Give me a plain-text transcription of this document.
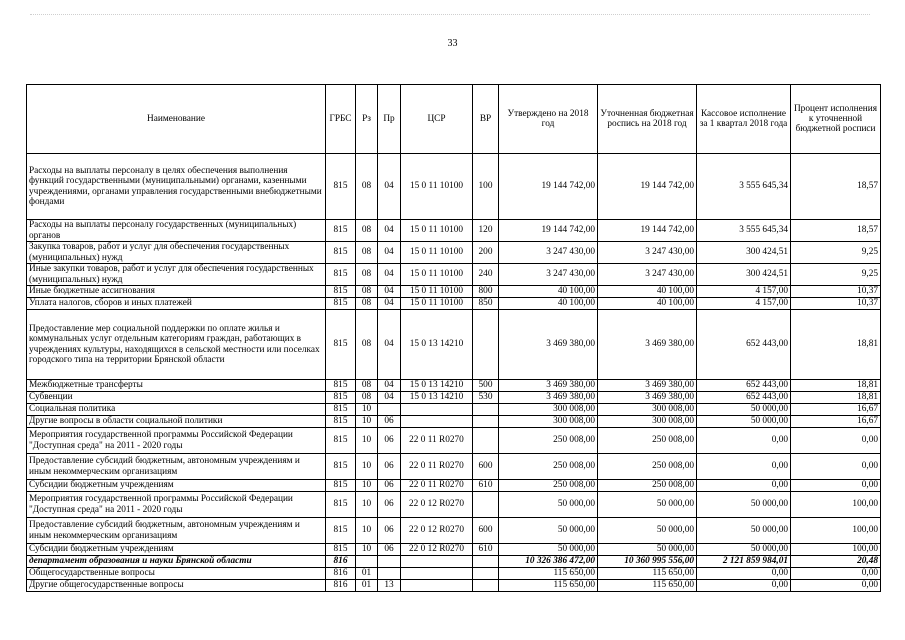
33
Наименование	ГРБС	Рз	Пр	ЦСР	ВР	Утверждено на 2018 год	Уточненная бюджетная роспись на 2018 год	Кассовое исполнение за 1 квартал 2018 года	Процент исполнения к уточненной бюджетной росписи
Расходы на выплаты персоналу в целях обеспечения выполнения функций государственными (муниципальными) органами, казенными учреждениями, органами управления государственными внебюджетными фондами	815	08	04	15 0 11 10100	100	19 144 742,00	19 144 742,00	3 555 645,34	18,57
Расходы на выплаты персоналу государственных (муниципальных) органов	815	08	04	15 0 11 10100	120	19 144 742,00	19 144 742,00	3 555 645,34	18,57
Закупка товаров, работ и услуг для обеспечения государственных (муниципальных) нужд	815	08	04	15 0 11 10100	200	3 247 430,00	3 247 430,00	300 424,51	9,25
Иные закупки товаров, работ и услуг для обеспечения государственных (муниципальных) нужд	815	08	04	15 0 11 10100	240	3 247 430,00	3 247 430,00	300 424,51	9,25
Иные бюджетные ассигнования	815	08	04	15 0 11 10100	800	40 100,00	40 100,00	4 157,00	10,37
Уплата налогов, сборов и иных платежей	815	08	04	15 0 11 10100	850	40 100,00	40 100,00	4 157,00	10,37
Предоставление мер социальной поддержки по оплате жилья и коммунальных услуг отдельным категориям граждан, работающих в учреждениях культуры, находящихся в сельской местности или поселках городского типа на территории Брянской области	815	08	04	15 0 13 14210		3 469 380,00	3 469 380,00	652 443,00	18,81
Межбюджетные трансферты	815	08	04	15 0 13 14210	500	3 469 380,00	3 469 380,00	652 443,00	18,81
Субвенции	815	08	04	15 0 13 14210	530	3 469 380,00	3 469 380,00	652 443,00	18,81
Социальная политика	815	10				300 008,00	300 008,00	50 000,00	16,67
Другие вопросы в области социальной политики	815	10	06			300 008,00	300 008,00	50 000,00	16,67
Мероприятия государственной программы Российской Федерации "Доступная среда" на 2011 - 2020 годы	815	10	06	22 0 11 R0270		250 008,00	250 008,00	0,00	0,00
Предоставление субсидий бюджетным, автономным учреждениям и иным некоммерческим организациям	815	10	06	22 0 11 R0270	600	250 008,00	250 008,00	0,00	0,00
Субсидии бюджетным учреждениям	815	10	06	22 0 11 R0270	610	250 008,00	250 008,00	0,00	0,00
Мероприятия государственной программы Российской Федерации "Доступная среда" на 2011 - 2020 годы	815	10	06	22 0 12 R0270		50 000,00	50 000,00	50 000,00	100,00
Предоставление субсидий бюджетным, автономным учреждениям и иным некоммерческим организациям	815	10	06	22 0 12 R0270	600	50 000,00	50 000,00	50 000,00	100,00
Субсидии бюджетным учреждениям	815	10	06	22 0 12 R0270	610	50 000,00	50 000,00	50 000,00	100,00
департамент образования и науки Брянской области	816					10 326 386 472,00	10 360 995 556,00	2 121 859 984,01	20,48
Общегосударственные вопросы	816	01				115 650,00	115 650,00	0,00	0,00
Другие общегосударственные вопросы	816	01	13			115 650,00	115 650,00	0,00	0,00
